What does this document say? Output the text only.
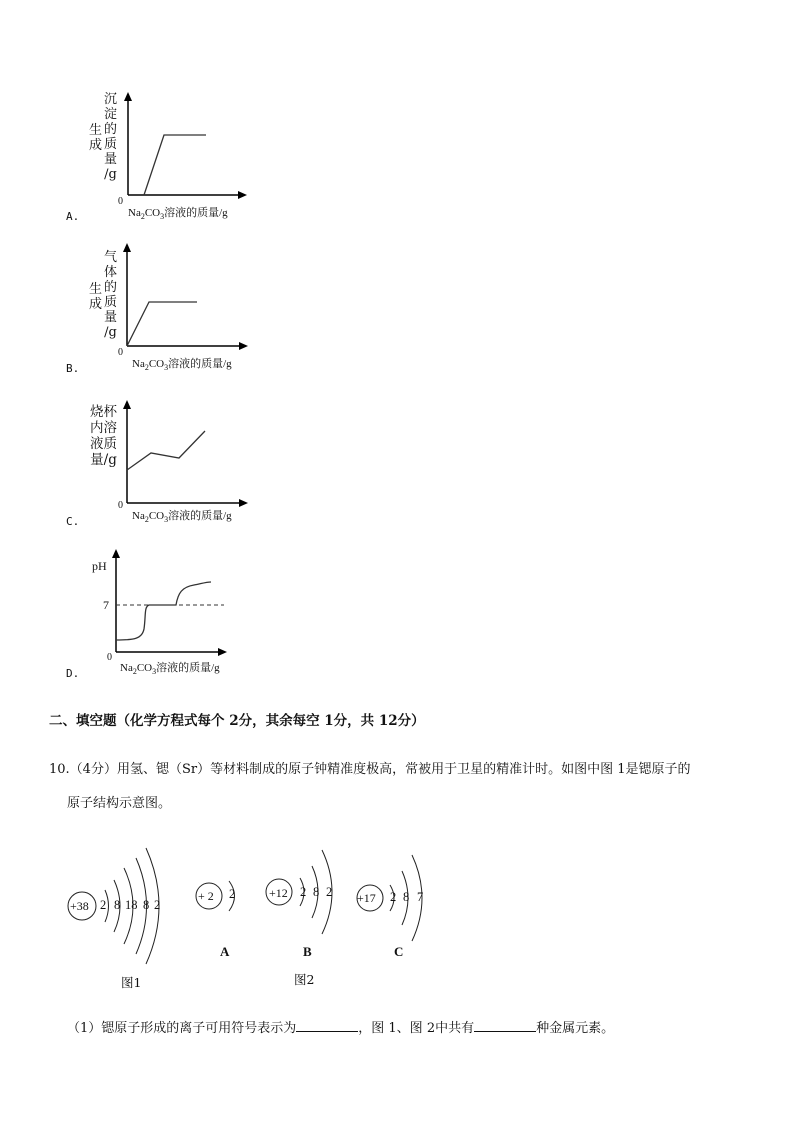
沉
淀
的
质
量
/g
生
成
0
$Na_2CO_3$溶液的质量/g
A.
气
体
的
质
量
/g
生
成
0
$Na_2CO_3$溶液的质量/g
B.
烧杯
内溶
液质
量/g
0
$Na_2CO_3$溶液的质量/g
C.
pH
7
0
$Na_2CO_3$溶液的质量/g
D.
二、填空题（化学方程式每个 2分，其余每空 1分，共 12分）
10.（4分）用氢、锶（Sr）等材料制成的原子钟精准度极高，常被用于卫星的精准计时。如图中图 1是锶原子的
原子结构示意图。
+38 2 8 18 8 2
图1
+ 2 2
A
+12 2 8 2
B
图2
+17 2 8 7
C
（1）锶原子形成的离子可用符号表示为	，图 1、图 2中共有	种金属元素。
